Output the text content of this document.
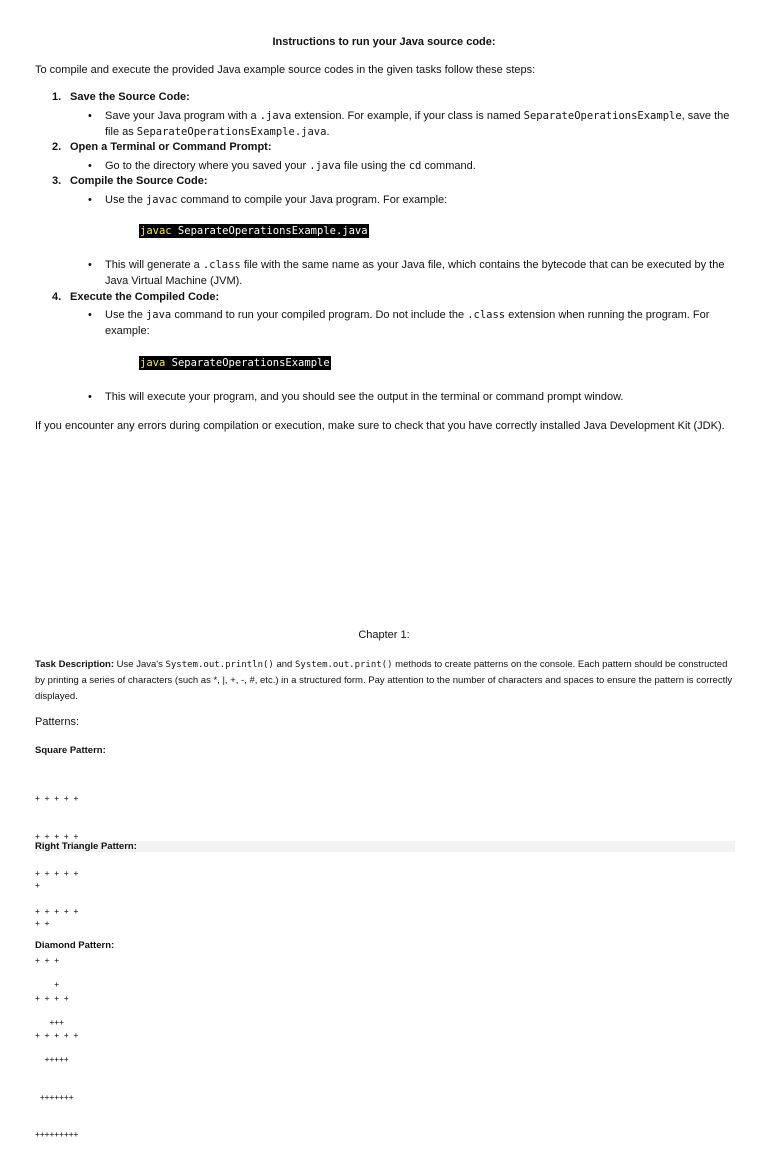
Instructions to run your Java source code:
To compile and execute the provided Java example source codes in the given tasks follow these steps:
1. Save the Source Code:
•	Save your Java program with a .java extension. For example, if your class is named SeparateOperationsExample, save the file as SeparateOperationsExample.java.
2. Open a Terminal or Command Prompt:
•	Go to the directory where you saved your .java file using the cd command.
3. Compile the Source Code:
•	Use the javac command to compile your Java program. For example:
javac SeparateOperationsExample.java
•	This will generate a .class file with the same name as your Java file, which contains the bytecode that can be executed by the Java Virtual Machine (JVM).
4. Execute the Compiled Code:
•	Use the java command to run your compiled program. Do not include the .class extension when running the program. For example:
java SeparateOperationsExample
•	This will execute your program, and you should see the output in the terminal or command prompt window.
If you encounter any errors during compilation or execution, make sure to check that you have correctly installed Java Development Kit (JDK).
Chapter 1:
Task Description: Use Java's System.out.println() and System.out.print() methods to create patterns on the console. Each pattern should be constructed by printing a series of characters (such as *, |, +, -, #, etc.) in a structured form. Pay attention to the number of characters and spaces to ensure the pattern is correctly displayed.
Patterns:
Square Pattern:

+ + + + +

+ + + + +

+ + + + +

+ + + + +

Right Triangle Pattern:

+

+ +

+ + +

+ + + +

+ + + + +

Diamond Pattern:

+

+++

+++++

+++++++

+++++++++
